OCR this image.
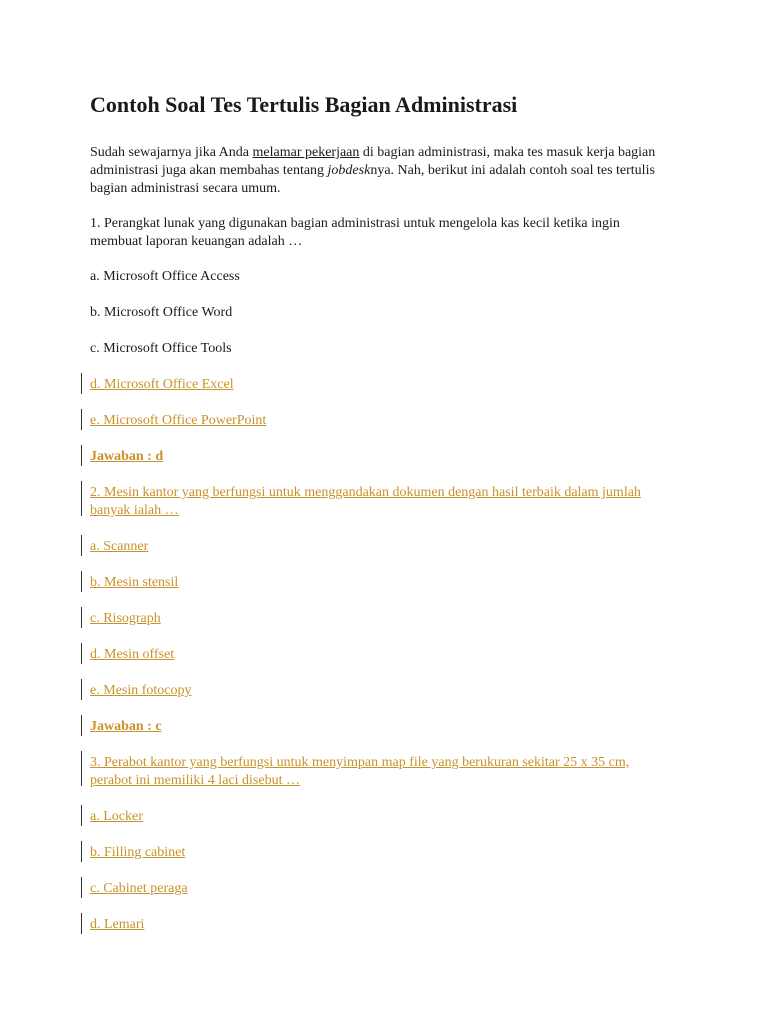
Contoh Soal Tes Tertulis Bagian Administrasi

Sudah sewajarnya jika Anda melamar pekerjaan di bagian administrasi, maka tes masuk kerja bagian administrasi juga akan membahas tentang jobdesknya. Nah, berikut ini adalah contoh soal tes tertulis bagian administrasi secara umum.

1. Perangkat lunak yang digunakan bagian administrasi untuk mengelola kas kecil ketika ingin membuat laporan keuangan adalah …

a. Microsoft Office Access

b. Microsoft Office Word

c. Microsoft Office Tools

d. Microsoft Office Excel

e. Microsoft Office PowerPoint

Jawaban : d

2. Mesin kantor yang berfungsi untuk menggandakan dokumen dengan hasil terbaik dalam jumlah banyak ialah …

a. Scanner

b. Mesin stensil

c. Risograph

d. Mesin offset

e. Mesin fotocopy

Jawaban : c

3. Perabot kantor yang berfungsi untuk menyimpan map file yang berukuran sekitar 25 x 35 cm, perabot ini memiliki 4 laci disebut …

a. Locker

b. Filling cabinet

c. Cabinet peraga

d. Lemari
